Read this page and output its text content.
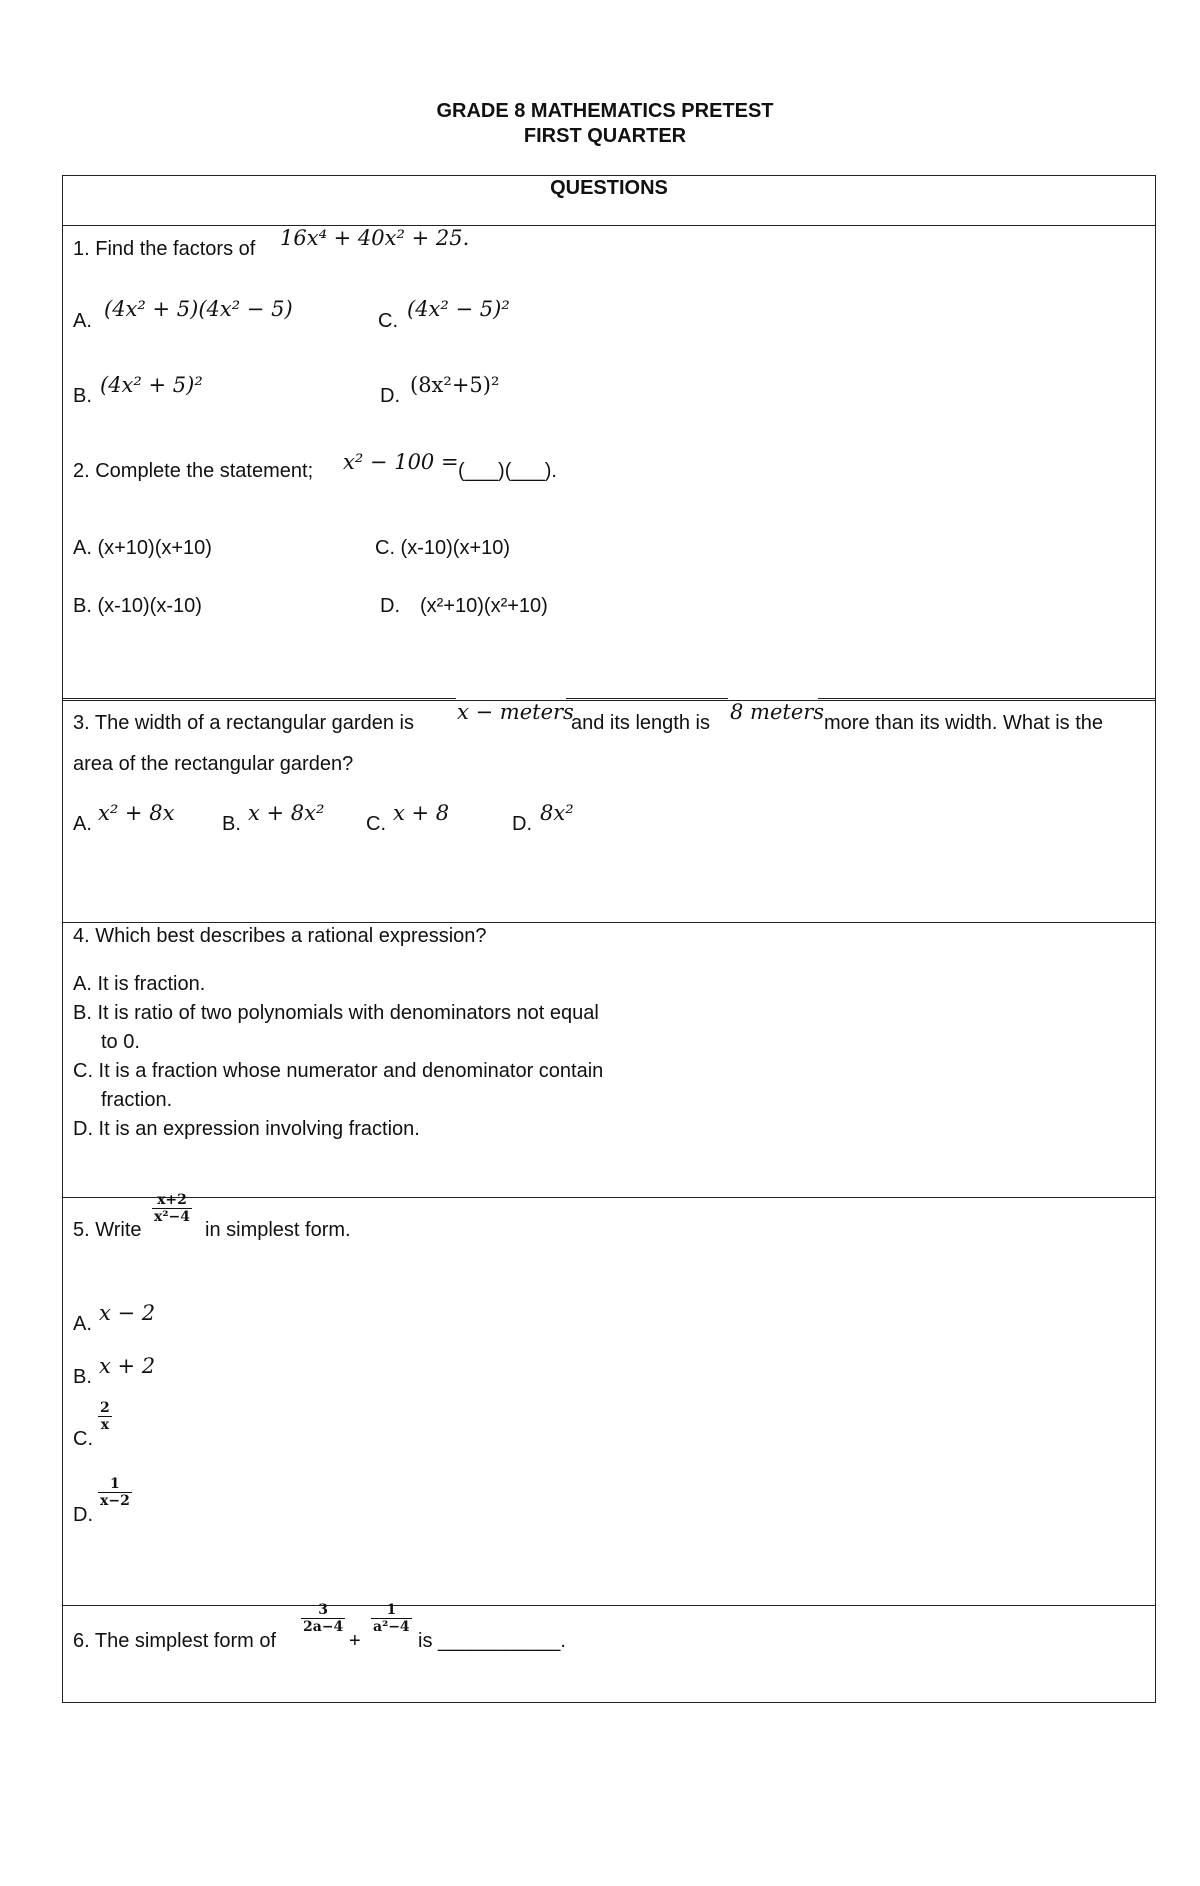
GRADE 8 MATHEMATICS PRETEST
FIRST QUARTER
QUESTIONS
1. Find the factors of 16x⁴ + 40x² + 25.
A. (4x² + 5)(4x² − 5)	C. (4x² − 5)²
B. (4x² + 5)²	D. (8x²+5)²
2. Complete the statement; x² − 100 = (___)(___).
A. (x+10)(x+10)	C. (x-10)(x+10)
B. (x-10)(x-10)	D. (x²+10)(x²+10)
3. The width of a rectangular garden is x − meters
and its length is 8 meters more than its width. What is the
area of the rectangular garden?
A. x² + 8x B. x + 8x² C. x + 8	D. 8x²
4. Which best describes a rational expression?
A. It is fraction.
B. It is ratio of two polynomials with denominators not equal
to 0.
C. It is a fraction whose numerator and denominator contain
fraction.
D. It is an expression involving fraction.
5. Write
$\frac{x+2}{\text{x²−4}}$
in simplest form.
A. x − 2
B. x + 2
C.
$\frac{2}{x}$
D.
$\frac{1}{x-2}$
6. The simplest form of
$\frac{3}{2a-4}$
+
$\frac{1}{\text{a²−4}}$
is ___________.
